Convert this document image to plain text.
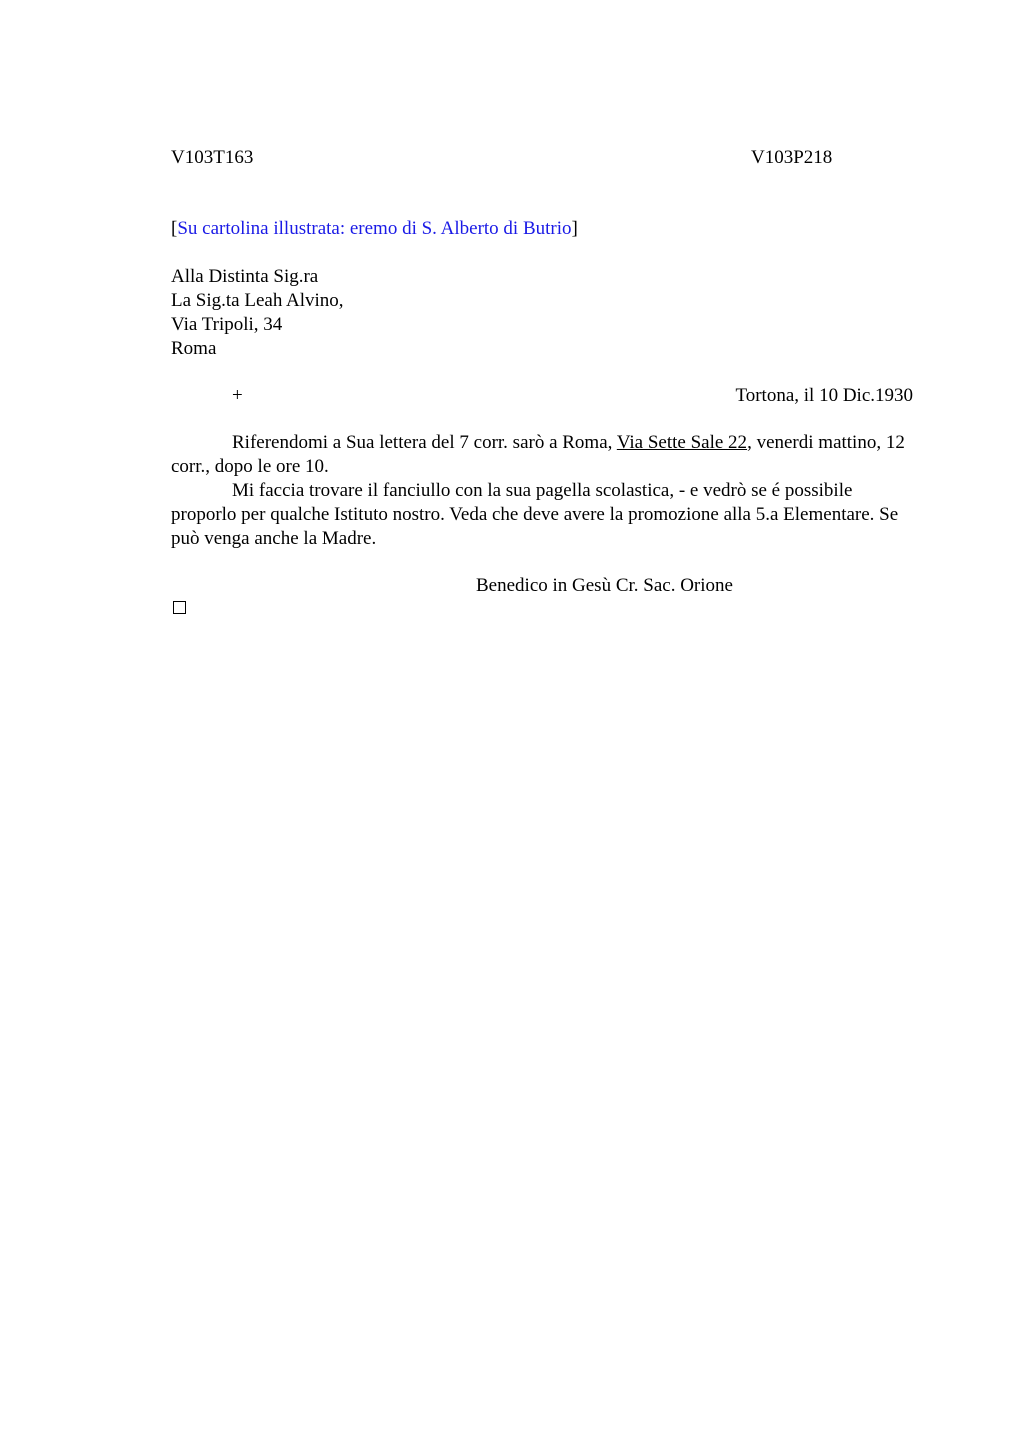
V103T163	V103P218
[Su cartolina illustrata: eremo di S. Alberto di Butrio]
Alla Distinta Sig.ra
La Sig.ta Leah Alvino,
Via Tripoli, 34
Roma
+	Tortona, il 10 Dic.1930

Riferendomi a Sua lettera del 7 corr. sarò a Roma, Via Sette Sale 22, venerdi mattino, 12 corr., dopo le ore 10.

Mi faccia trovare il fanciullo con la sua pagella scolastica, - e vedrò se é possibile proporlo per qualche Istituto nostro. Veda che deve avere la promozione alla 5.a Elementare. Se può venga anche la Madre.

Benedico in Gesù Cr. Sac. Orione
